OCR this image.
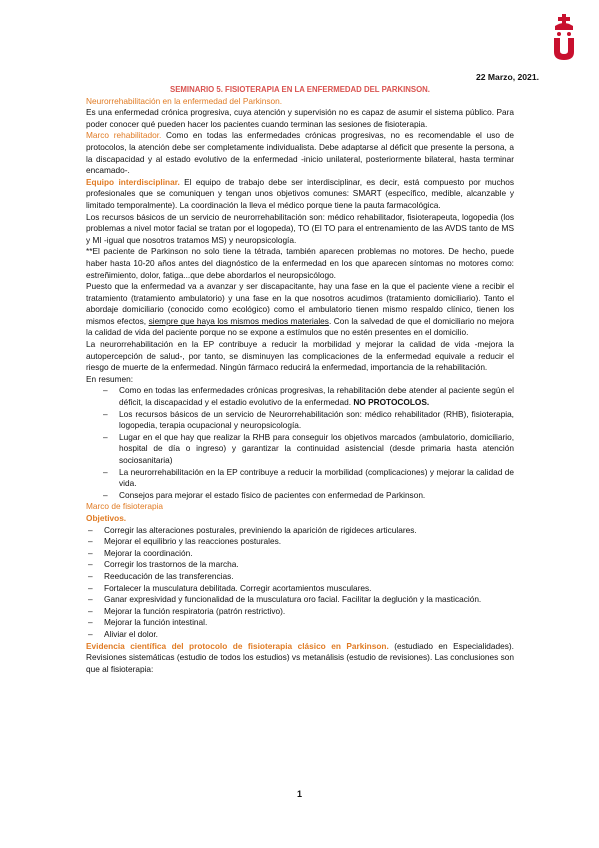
22 Marzo, 2021.

SEMINARIO 5. FISIOTERAPIA EN LA ENFERMEDAD DEL PARKINSON.

Neurorrehabilitación en la enfermedad del Parkinson.

Es una enfermedad crónica progresiva, cuya atención y supervisión no es capaz de asumir el sistema público. Para poder conocer qué pueden hacer los pacientes cuando terminan las sesiones de fisioterapia.

Marco rehabilitador. Como en todas las enfermedades crónicas progresivas, no es recomendable el uso de protocolos, la atención debe ser completamente individualista. Debe adaptarse al déficit que presente la persona, a la discapacidad y al estado evolutivo de la enfermedad -inicio unilateral, posteriormente bilateral, hasta terminar encamado-.

Equipo interdisciplinar. El equipo de trabajo debe ser interdisciplinar, es decir, está compuesto por muchos profesionales que se comuniquen y tengan unos objetivos comunes: SMART (específico, medible, alcanzable y limitado temporalmente). La coordinación la lleva el médico porque tiene la pauta farmacológica.

Los recursos básicos de un servicio de neurorrehabilitación son: médico rehabilitador, fisioterapeuta, logopedia (los problemas a nivel motor facial se tratan por el logopeda), TO (El TO para el entrenamiento de las AVDS tanto de MS y MI -igual que nosotros tratamos MS) y neuropsicología.

**El paciente de Parkinson no solo tiene la tétrada, también aparecen problemas no motores. De hecho, puede haber hasta 10-20 años antes del diagnóstico de la enfermedad en los que aparecen síntomas no motores como: estreñimiento, dolor, fatiga...que debe abordarlos el neuropsicólogo.

Puesto que la enfermedad va a avanzar y ser discapacitante, hay una fase en la que el paciente viene a recibir el tratamiento (tratamiento ambulatorio) y una fase en la que nosotros acudimos (tratamiento domiciliario). Tanto el abordaje domiciliario (conocido como ecológico) como el ambulatorio tienen mismo respaldo clínico, tienen los mismos efectos, siempre que haya los mismos medios materiales. Con la salvedad de que el domiciliario no mejora la calidad de vida del paciente porque no se expone a estímulos que no estén presentes en el domicilio.

La neurorrehabilitación en la EP contribuye a reducir la morbilidad y mejorar la calidad de vida -mejora la autopercepción de salud-, por tanto, se disminuyen las complicaciones de la enfermedad equivale a reducir el riesgo de muerte de la enfermedad. Ningún fármaco reducirá la enfermedad, importancia de la rehabilitación.

En resumen:

– Como en todas las enfermedades crónicas progresivas, la rehabilitación debe atender al paciente según el déficit, la discapacidad y el estadio evolutivo de la enfermedad. NO PROTOCOLOS.
– Los recursos básicos de un servicio de Neurorrehabilitación son: médico rehabilitador (RHB), fisioterapia, logopedia, terapia ocupacional y neuropsicología.
– Lugar en el que hay que realizar la RHB para conseguir los objetivos marcados (ambulatorio, domiciliario, hospital de día o ingreso) y garantizar la continuidad asistencial (desde primaria hasta atención sociosanitaria)
– La neurorrehabilitación en la EP contribuye a reducir la morbilidad (complicaciones) y mejorar la calidad de vida.
– Consejos para mejorar el estado físico de pacientes con enfermedad de Parkinson.

Marco de fisioterapia

Objetivos.

– Corregir las alteraciones posturales, previniendo la aparición de rigideces articulares.
– Mejorar el equilibrio y las reacciones posturales.
– Mejorar la coordinación.
– Corregir los trastornos de la marcha.
– Reeducación de las transferencias.
– Fortalecer la musculatura debilitada. Corregir acortamientos musculares.
– Ganar expresividad y funcionalidad de la musculatura oro facial. Facilitar la deglución y la masticación.
– Mejorar la función respiratoria (patrón restrictivo).
– Mejorar la función intestinal.
– Aliviar el dolor.

Evidencia científica del protocolo de fisioterapia clásico en Parkinson. (estudiado en Especialidades). Revisiones sistemáticas (estudio de todos los estudios) vs metanálisis (estudio de revisiones). Las conclusiones son que al fisioterapia:

1
